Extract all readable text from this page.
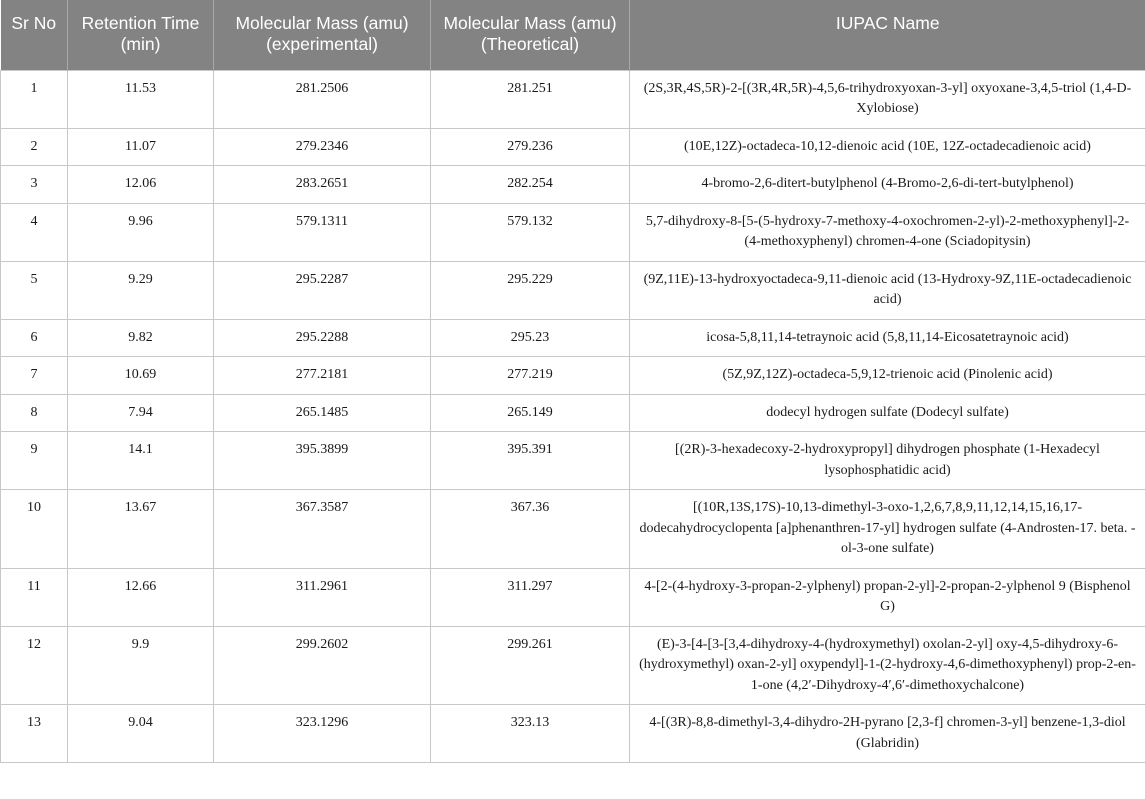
Sr No	Retention Time (min)	Molecular Mass (amu) (experimental)	Molecular Mass (amu) (Theoretical)	IUPAC Name
1	11.53	281.2506	281.251	(2S,3R,4S,5R)-2-[(3R,4R,5R)-4,5,6-trihydroxyoxan-3-yl] oxyoxane-3,4,5-triol (1,4-D-Xylobiose)
2	11.07	279.2346	279.236	(10E,12Z)-octadeca-10,12-dienoic acid (10E, 12Z-octadecadienoic acid)
3	12.06	283.2651	282.254	4-bromo-2,6-ditert-butylphenol (4-Bromo-2,6-di-tert-butylphenol)
4	9.96	579.1311	579.132	5,7-dihydroxy-8-[5-(5-hydroxy-7-methoxy-4-oxochromen-2-yl)-2-methoxyphenyl]-2-(4-methoxyphenyl) chromen-4-one (Sciadopitysin)
5	9.29	295.2287	295.229	(9Z,11E)-13-hydroxyoctadeca-9,11-dienoic acid (13-Hydroxy-9Z,11E-octadecadienoic acid)
6	9.82	295.2288	295.23	icosa-5,8,11,14-tetraynoic acid (5,8,11,14-Eicosatetraynoic acid)
7	10.69	277.2181	277.219	(5Z,9Z,12Z)-octadeca-5,9,12-trienoic acid (Pinolenic acid)
8	7.94	265.1485	265.149	dodecyl hydrogen sulfate (Dodecyl sulfate)
9	14.1	395.3899	395.391	[(2R)-3-hexadecoxy-2-hydroxypropyl] dihydrogen phosphate (1-Hexadecyl lysophosphatidic acid)
10	13.67	367.3587	367.36	[(10R,13S,17S)-10,13-dimethyl-3-oxo-1,2,6,7,8,9,11,12,14,15,16,17-dodecahydrocyclopenta [a]phenanthren-17-yl] hydrogen sulfate (4-Androsten-17. beta. -ol-3-one sulfate)
11	12.66	311.2961	311.297	4-[2-(4-hydroxy-3-propan-2-ylphenyl) propan-2-yl]-2-propan-2-ylphenol 9 (Bisphenol G)
12	9.9	299.2602	299.261	(E)-3-[4-[3-[3,4-dihydroxy-4-(hydroxymethyl) oxolan-2-yl] oxy-4,5-dihydroxy-6-(hydroxymethyl) oxan-2-yl] oxypendyl]-1-(2-hydroxy-4,6-dimethoxyphenyl) prop-2-en-1-one (4,2′-Dihydroxy-4′,6′-dimethoxychalcone)
13	9.04	323.1296	323.13	4-[(3R)-8,8-dimethyl-3,4-dihydro-2H-pyrano [2,3-f] chromen-3-yl] benzene-1,3-diol (Glabridin)
